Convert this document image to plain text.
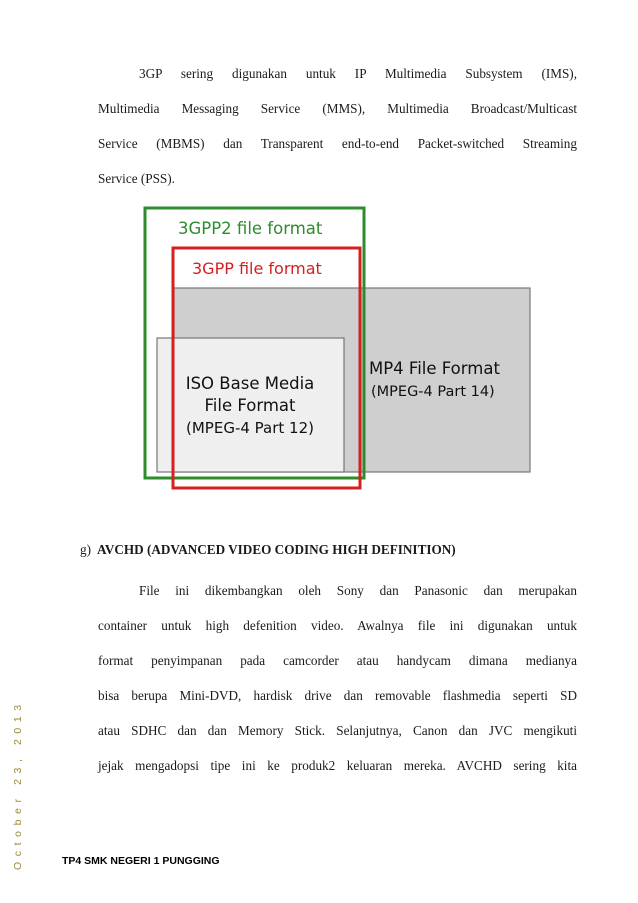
3GP sering digunakan untuk IP Multimedia Subsystem (IMS),
Multimedia Messaging Service (MMS), Multimedia Broadcast/Multicast
Service (MBMS) dan Transparent end-to-end Packet-switched Streaming
Service (PSS).

3GPP2 file format
3GPP file format
ISO Base Media
File Format
(MPEG-4 Part 12)
MP4 File Format
(MPEG-4 Part 14)
g) AVCHD (ADVANCED VIDEO CODING HIGH DEFINITION)

File ini dikembangkan oleh Sony dan Panasonic dan merupakan
container untuk high defenition video. Awalnya file ini digunakan untuk
format penyimpanan pada camcorder atau handycam dimana medianya
bisa berupa Mini-DVD, hardisk drive dan removable flashmedia seperti SD
atau SDHC dan dan Memory Stick. Selanjutnya, Canon dan JVC mengikuti
jejak mengadopsi tipe ini ke produk2 keluaran mereka. AVCHD sering kita

October 23, 2013	TP4 SMK NEGERI 1 PUNGGING
